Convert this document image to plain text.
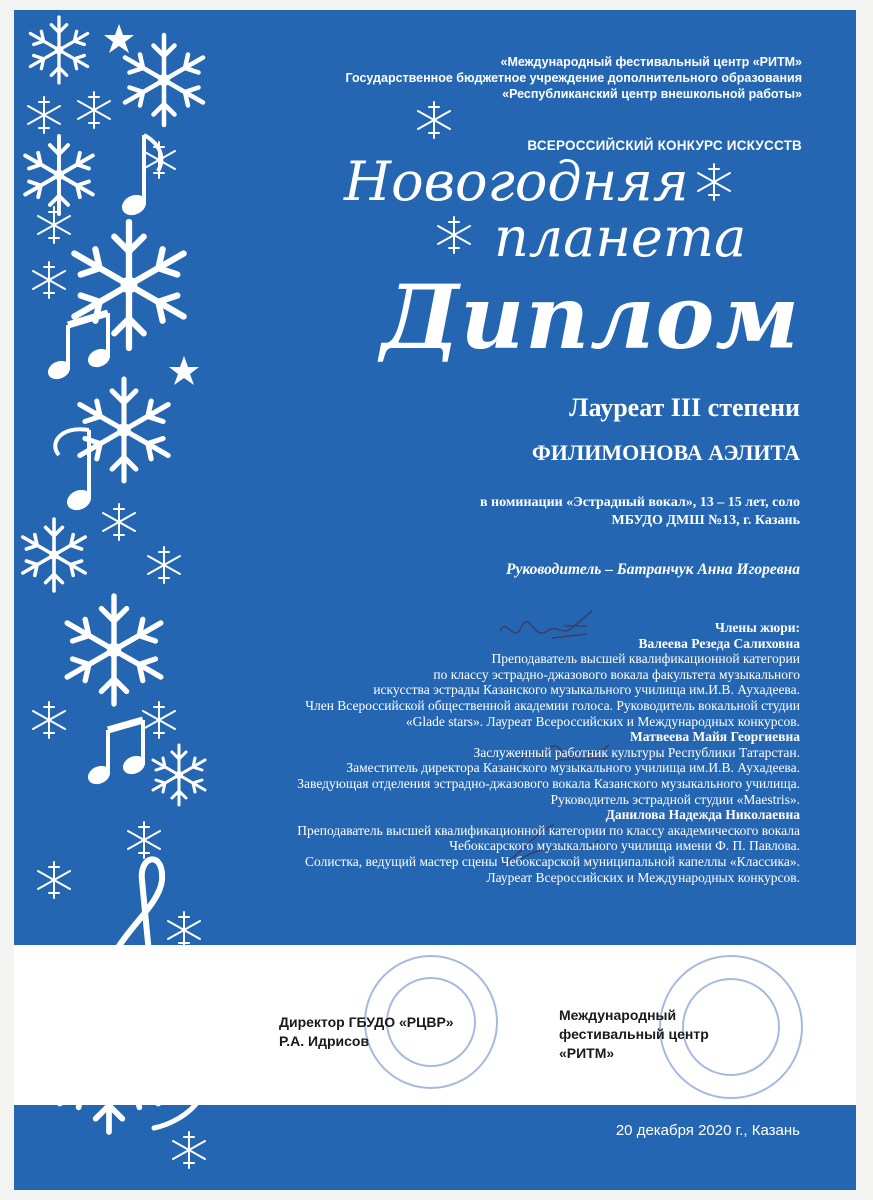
«Международный фестивальный центр «РИТМ»
Государственное бюджетное учреждение дополнительного образования
«Республиканский центр внешкольной работы»
ВСЕРОССИЙСКИЙ КОНКУРС ИСКУССТВ
Новогодняя
планета
Диплом
Лауреат III степени
ФИЛИМОНОВА АЭЛИТА
в номинации «Эстрадный вокал», 13 – 15 лет, соло
МБУДО ДМШ №13, г. Казань
Руководитель – Батранчук Анна Игоревна
Члены жюри:
Валеева Резеда Салиховна
Преподаватель высшей квалификационной категории
по классу эстрадно-джазового вокала факультета музыкального
искусства эстрады Казанского музыкального училища им.И.В. Аухадеева.
Член Всероссийской общественной академии голоса. Руководитель вокальной студии
«Glade stars». Лауреат Всероссийских и Международных конкурсов.
Матвеева Майя Георгиевна
Заслуженный работник культуры Республики Татарстан.
Заместитель директора Казанского музыкального училища им.И.В. Аухадеева.
Заведующая отделения эстрадно-джазового вокала Казанского музыкального училища.
Руководитель эстрадной студии «Maestris».
Данилова Надежда Николаевна
Преподаватель высшей квалификационной категории по классу академического вокала
Чебоксарского музыкального училища имени Ф. П. Павлова.
Солистка, ведущий мастер сцены Чебоксарской муниципальной капеллы «Классика».
Лауреат Всероссийских и Международных конкурсов.
Директор ГБУДО «РЦВР»
Р.А. Идрисов
Международный
фестивальный центр
«РИТМ»
20 декабря 2020 г., Казань
